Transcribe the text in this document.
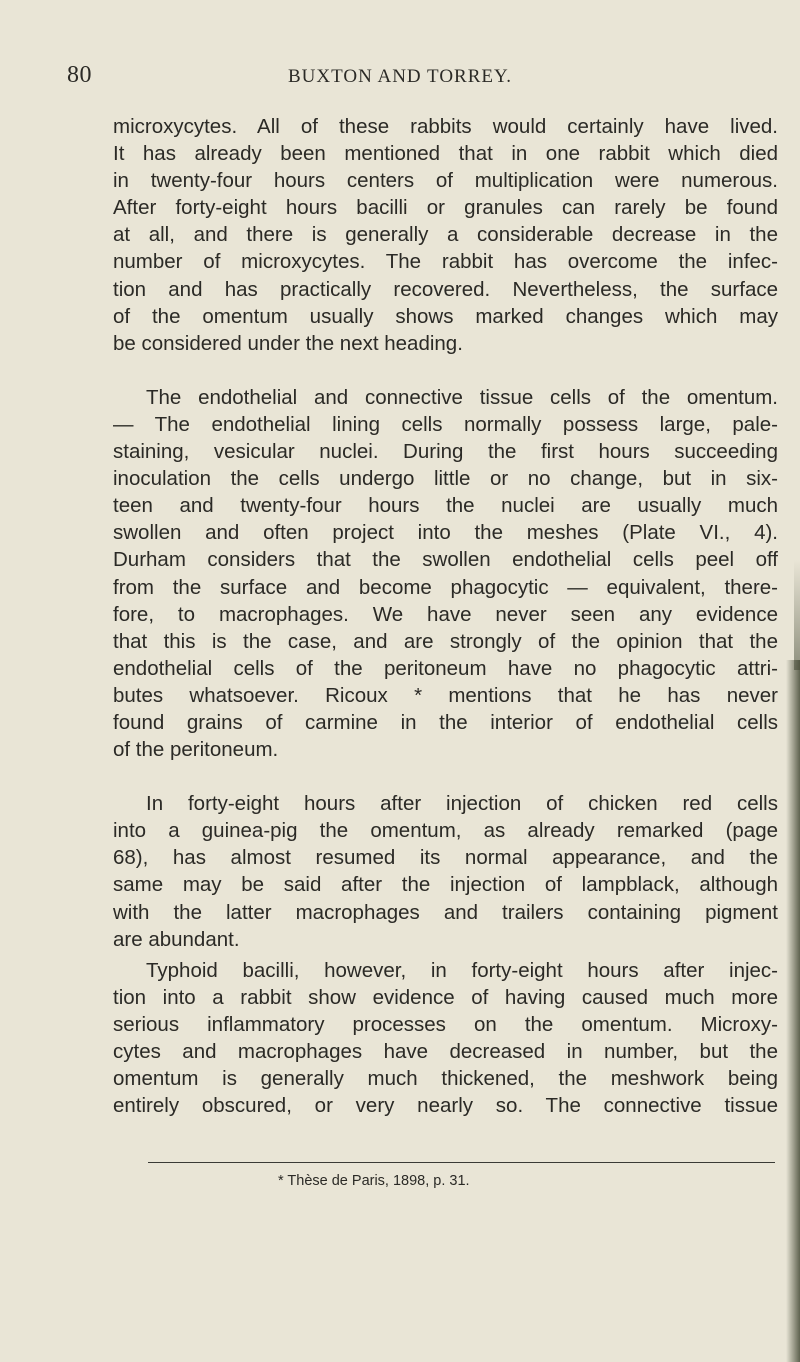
80	BUXTON AND TORREY.
microxycytes. All of these rabbits would certainly have lived.
It has already been mentioned that in one rabbit which died
in twenty-four hours centers of multiplication were numerous.
After forty-eight hours bacilli or granules can rarely be found
at all, and there is generally a considerable decrease in the
number of microxycytes. The rabbit has overcome the infec-
tion and has practically recovered. Nevertheless, the surface
of the omentum usually shows marked changes which may
be considered under the next heading.
The endothelial and connective tissue cells of the omentum.
— The endothelial lining cells normally possess large, pale-
staining, vesicular nuclei. During the first hours succeeding
inoculation the cells undergo little or no change, but in six-
teen and twenty-four hours the nuclei are usually much
swollen and often project into the meshes (Plate VI., 4).
Durham considers that the swollen endothelial cells peel off
from the surface and become phagocytic — equivalent, there-
fore, to macrophages. We have never seen any evidence
that this is the case, and are strongly of the opinion that the
endothelial cells of the peritoneum have no phagocytic attri-
butes whatsoever. Ricoux * mentions that he has never
found grains of carmine in the interior of endothelial cells
of the peritoneum.
In forty-eight hours after injection of chicken red cells
into a guinea-pig the omentum, as already remarked (page
68), has almost resumed its normal appearance, and the
same may be said after the injection of lampblack, although
with the latter macrophages and trailers containing pigment
are abundant.
Typhoid bacilli, however, in forty-eight hours after injec-
tion into a rabbit show evidence of having caused much more
serious inflammatory processes on the omentum. Microxy-
cytes and macrophages have decreased in number, but the
omentum is generally much thickened, the meshwork being
entirely obscured, or very nearly so. The connective tissue
* Thèse de Paris, 1898, p. 31.
